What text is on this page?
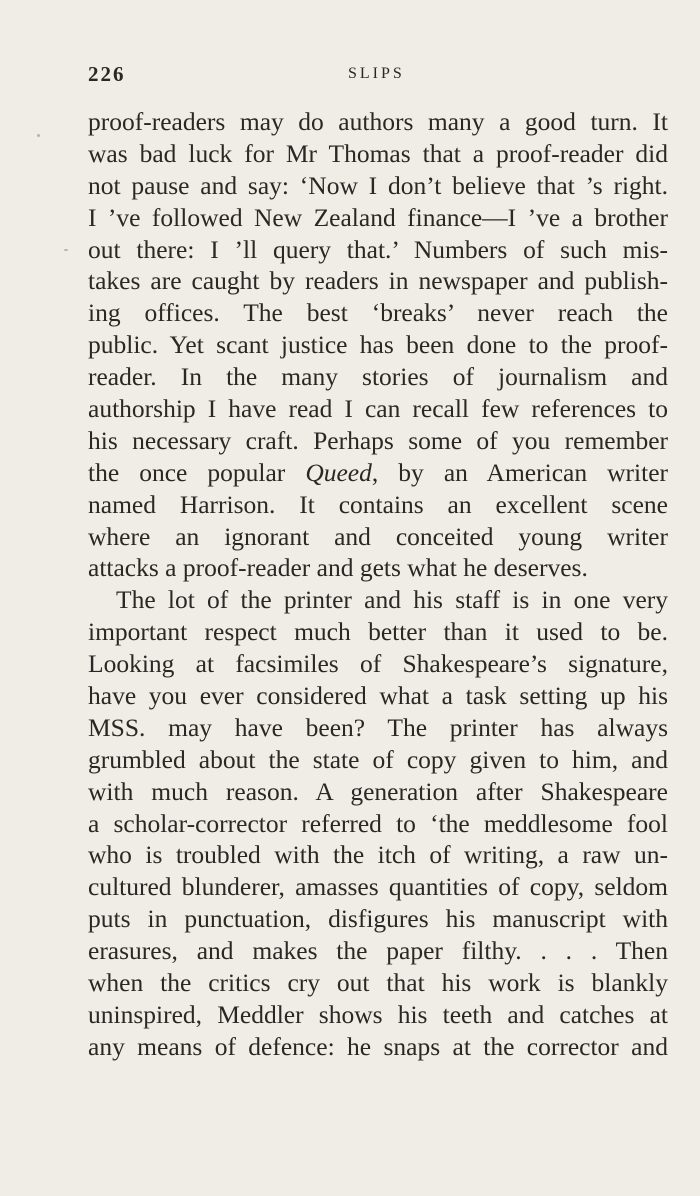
226	SLIPS
proof-readers may do authors many a good turn. It
was bad luck for Mr Thomas that a proof-reader did
not pause and say: ‘Now I don’t believe that ’s right.
I ’ve followed New Zealand finance—I ’ve a brother
out there: I ’ll query that.’ Numbers of such mis-
takes are caught by readers in newspaper and publish-
ing offices. The best ‘breaks’ never reach the
public. Yet scant justice has been done to the proof-
reader. In the many stories of journalism and
authorship I have read I can recall few references to
his necessary craft. Perhaps some of you remember
the once popular Queed, by an American writer
named Harrison. It contains an excellent scene
where an ignorant and conceited young writer
attacks a proof-reader and gets what he deserves.
The lot of the printer and his staff is in one very
important respect much better than it used to be.
Looking at facsimiles of Shakespeare’s signature,
have you ever considered what a task setting up his
MSS. may have been? The printer has always
grumbled about the state of copy given to him, and
with much reason. A generation after Shakespeare
a scholar-corrector referred to ‘the meddlesome fool
who is troubled with the itch of writing, a raw un-
cultured blunderer, amasses quantities of copy, seldom
puts in punctuation, disfigures his manuscript with
erasures, and makes the paper filthy. . . . Then
when the critics cry out that his work is blankly
uninspired, Meddler shows his teeth and catches at
any means of defence: he snaps at the corrector and
